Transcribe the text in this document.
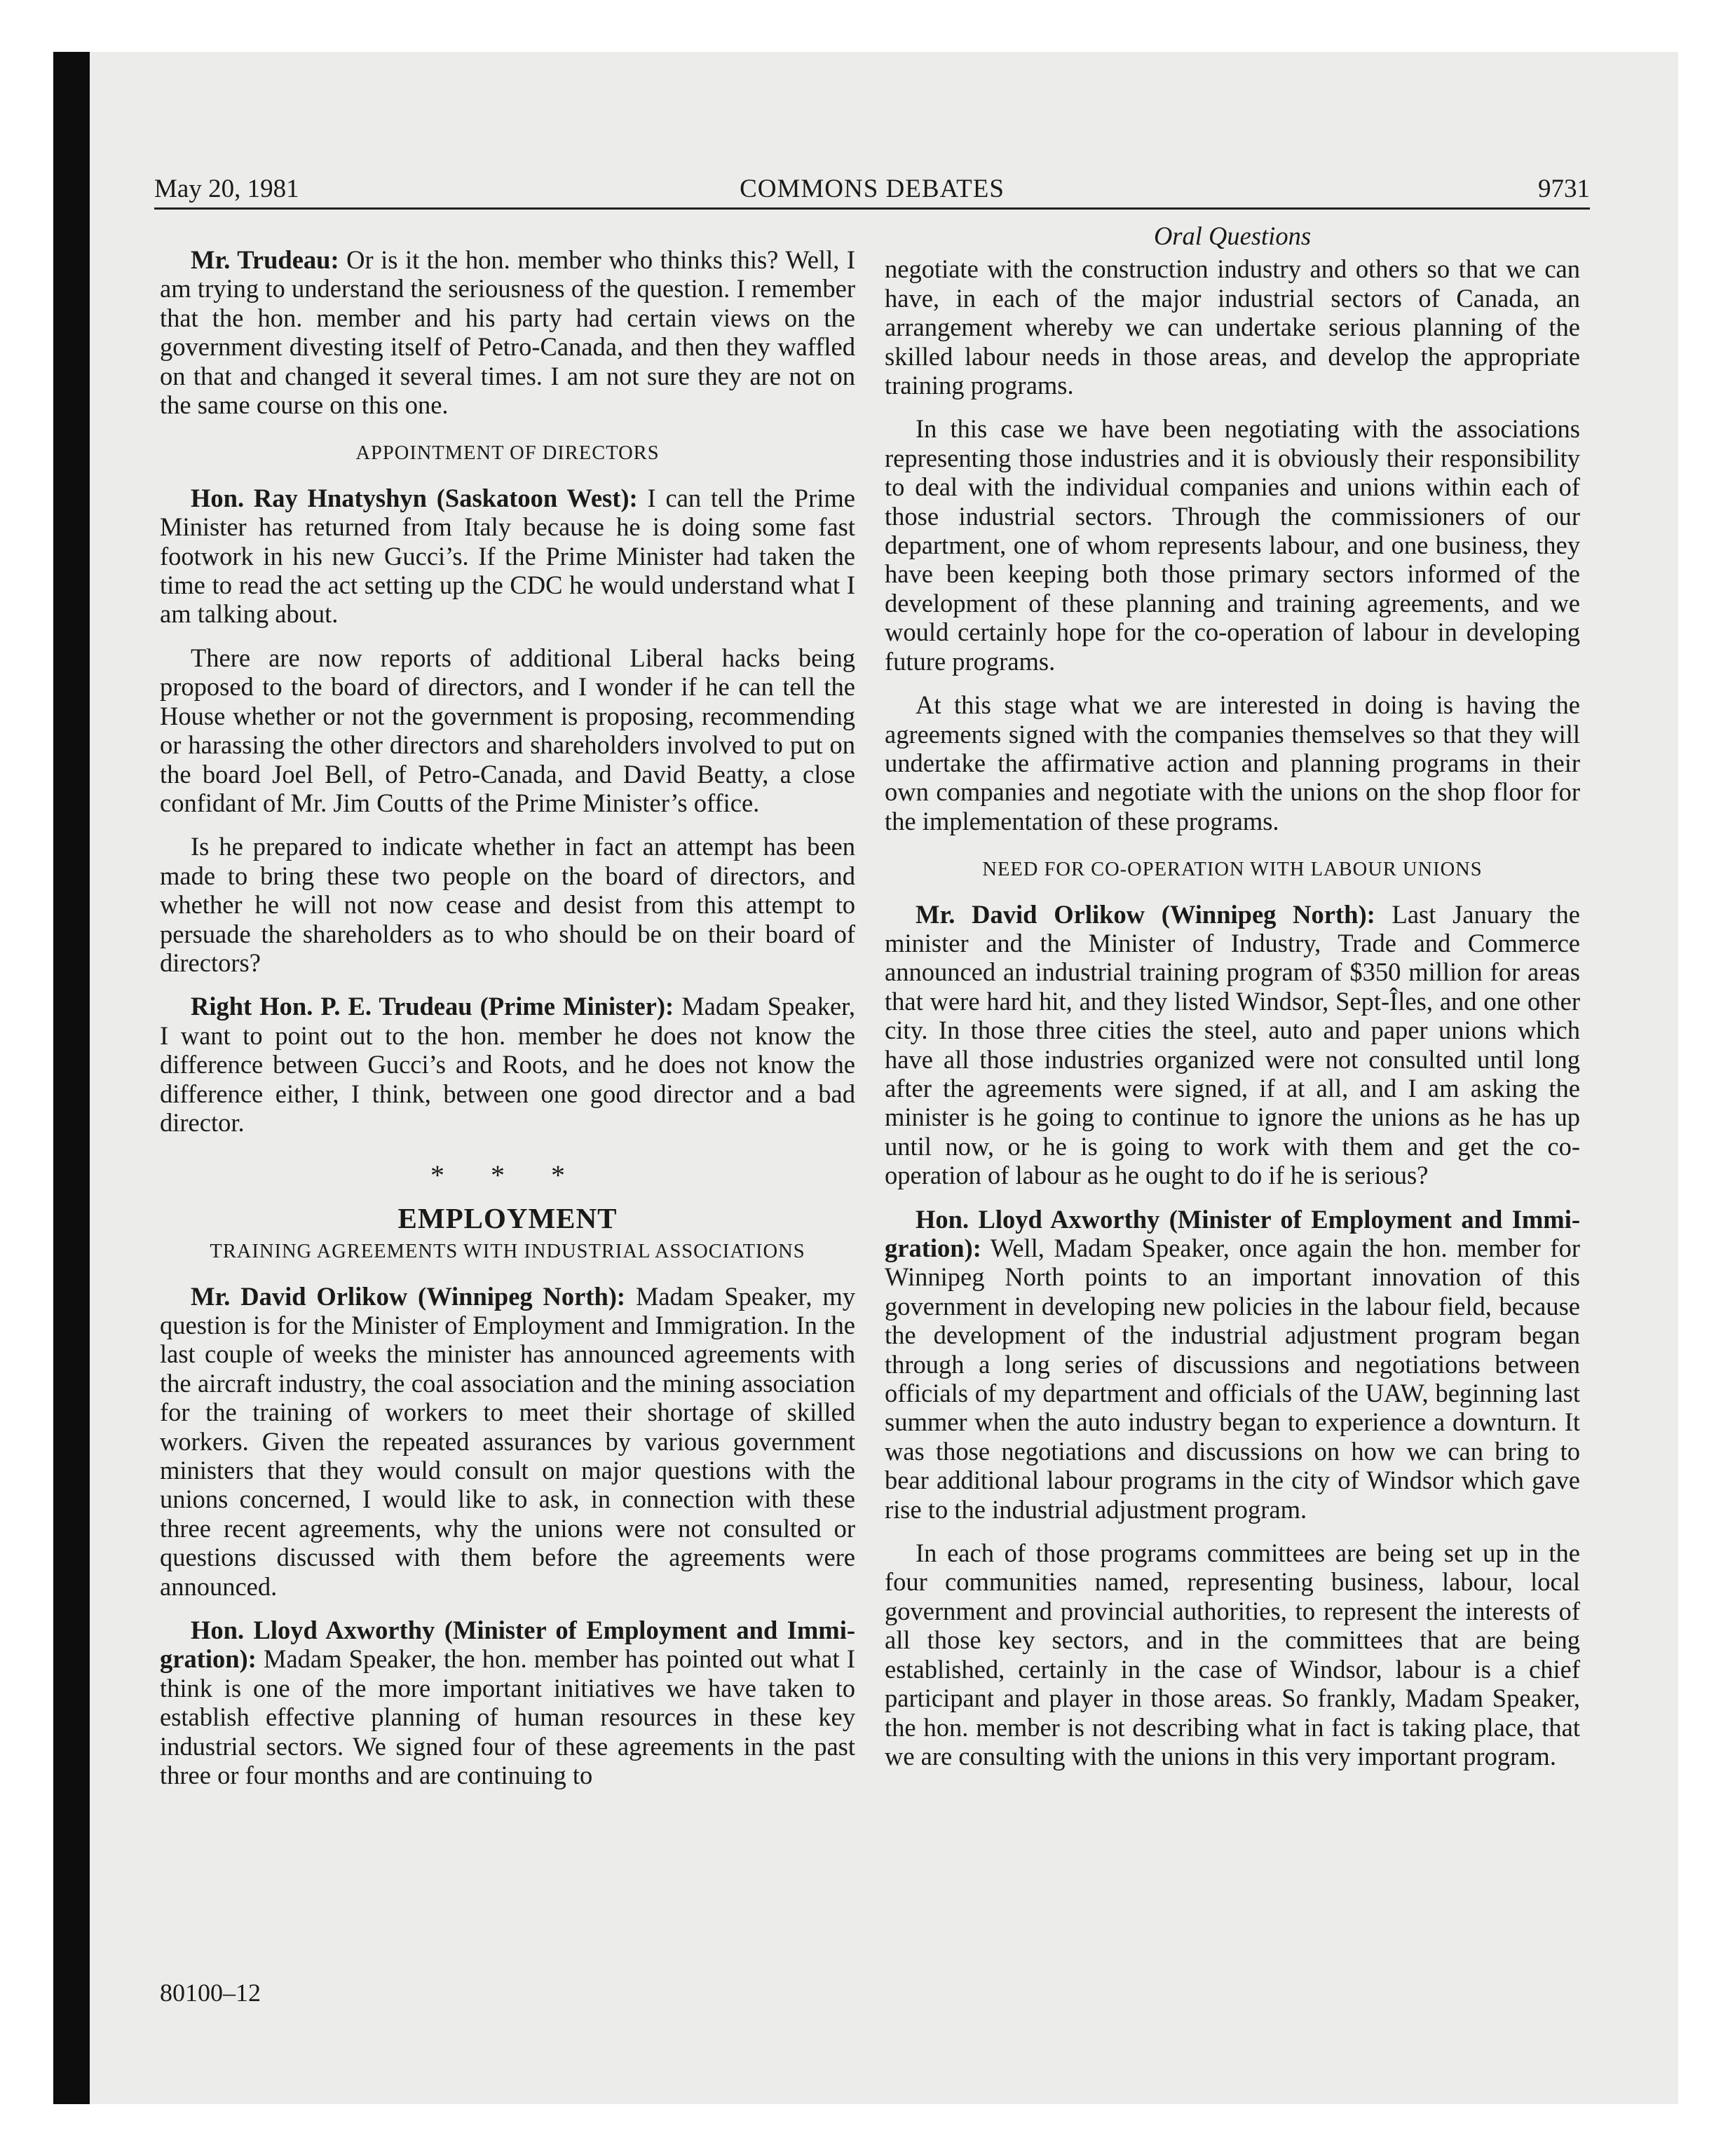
May 20, 1981	COMMONS DEBATES	9731

Mr. Trudeau: Or is it the hon. member who thinks this? Well, I am trying to understand the seriousness of the question. I remember that the hon. member and his party had certain views on the government divesting itself of Petro-Canada, and then they waffled on that and changed it several times. I am not sure they are not on the same course on this one.

APPOINTMENT OF DIRECTORS

Hon. Ray Hnatyshyn (Saskatoon West): I can tell the Prime Minister has returned from Italy because he is doing some fast footwork in his new Gucci’s. If the Prime Minister had taken the time to read the act setting up the CDC he would understand what I am talking about.

There are now reports of additional Liberal hacks being proposed to the board of directors, and I wonder if he can tell the House whether or not the government is proposing, recommending or harassing the other directors and shareholders involved to put on the board Joel Bell, of Petro-Canada, and David Beatty, a close confidant of Mr. Jim Coutts of the Prime Minister’s office.

Is he prepared to indicate whether in fact an attempt has been made to bring these two people on the board of directors, and whether he will not now cease and desist from this attempt to persuade the shareholders as to who should be on their board of directors?

Right Hon. P. E. Trudeau (Prime Minister): Madam Speaker, I want to point out to the hon. member he does not know the difference between Gucci’s and Roots, and he does not know the difference either, I think, between one good director and a bad director.

* * *
EMPLOYMENT
TRAINING AGREEMENTS WITH INDUSTRIAL ASSOCIATIONS

Mr. David Orlikow (Winnipeg North): Madam Speaker, my question is for the Minister of Employment and Immigration. In the last couple of weeks the minister has announced agreements with the aircraft industry, the coal association and the mining association for the training of workers to meet their shortage of skilled workers. Given the repeated assurances by various government ministers that they would consult on major questions with the unions concerned, I would like to ask, in connection with these three recent agreements, why the unions were not consulted or questions discussed with them before the agreements were announced.

Hon. Lloyd Axworthy (Minister of Employment and Immigration): Madam Speaker, the hon. member has pointed out what I think is one of the more important initiatives we have taken to establish effective planning of human resources in these key industrial sectors. We signed four of these agreements in the past three or four months and are continuing to

Oral Questions

negotiate with the construction industry and others so that we can have, in each of the major industrial sectors of Canada, an arrangement whereby we can undertake serious planning of the skilled labour needs in those areas, and develop the appropriate training programs.

In this case we have been negotiating with the associations representing those industries and it is obviously their responsibility to deal with the individual companies and unions within each of those industrial sectors. Through the commissioners of our department, one of whom represents labour, and one business, they have been keeping both those primary sectors informed of the development of these planning and training agreements, and we would certainly hope for the co-operation of labour in developing future programs.

At this stage what we are interested in doing is having the agreements signed with the companies themselves so that they will undertake the affirmative action and planning programs in their own companies and negotiate with the unions on the shop floor for the implementation of these programs.

NEED FOR CO-OPERATION WITH LABOUR UNIONS

Mr. David Orlikow (Winnipeg North): Last January the minister and the Minister of Industry, Trade and Commerce announced an industrial training program of $350 million for areas that were hard hit, and they listed Windsor, Sept-Îles, and one other city. In those three cities the steel, auto and paper unions which have all those industries organized were not consulted until long after the agreements were signed, if at all, and I am asking the minister is he going to continue to ignore the unions as he has up until now, or he is going to work with them and get the co-operation of labour as he ought to do if he is serious?

Hon. Lloyd Axworthy (Minister of Employment and Immigration): Well, Madam Speaker, once again the hon. member for Winnipeg North points to an important innovation of this government in developing new policies in the labour field, because the development of the industrial adjustment program began through a long series of discussions and negotiations between officials of my department and officials of the UAW, beginning last summer when the auto industry began to experience a downturn. It was those negotiations and discussions on how we can bring to bear additional labour programs in the city of Windsor which gave rise to the industrial adjustment program.

In each of those programs committees are being set up in the four communities named, representing business, labour, local government and provincial authorities, to represent the interests of all those key sectors, and in the committees that are being established, certainly in the case of Windsor, labour is a chief participant and player in those areas. So frankly, Madam Speaker, the hon. member is not describing what in fact is taking place, that we are consulting with the unions in this very important program.

80100–12
